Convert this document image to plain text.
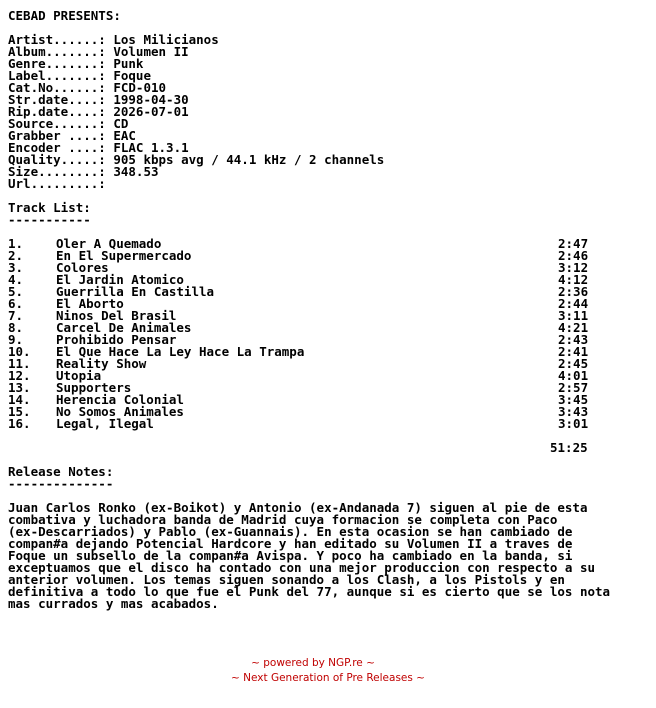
CEBAD PRESENTS:
Artist......: Los Milicianos
Album.......: Volumen II
Genre.......: Punk
Label.......: Foque
Cat.No......: FCD-010
Str.date....: 1998-04-30
Rip.date....: 2026-07-01
Source......: CD
Grabber ....: EAC
Encoder ....: FLAC 1.3.1
Quality.....: 905 kbps avg / 44.1 kHz / 2 channels
Size........: 348.53
Url.........:
Track List:
-----------
1.	Oler A Quemado	2:47
2.	En El Supermercado	2:46
3.	Colores	3:12
4.	El Jardin Atomico	4:12
5.	Guerrilla En Castilla	2:36
6.	El Aborto	2:44
7.	Ninos Del Brasil	3:11
8.	Carcel De Animales	4:21
9.	Prohibido Pensar	2:43
10. El Que Hace La Ley Hace La Trampa	2:41
11. Reality Show	2:45
12. Utopia	4:01
13. Supporters	2:57
14. Herencia Colonial	3:45
15. No Somos Animales	3:43
16. Legal, Ilegal	3:01
51:25
Release Notes:
--------------
Juan Carlos Ronko (ex-Boikot) y Antonio (ex-Andanada 7) siguen al pie de esta
combativa y luchadora banda de Madrid cuya formacion se completa con Paco
(ex-Descarriados) y Pablo (ex-Guannais). En esta ocasion se han cambiado de
compan#a dejando Potencial Hardcore y han editado su Volumen II a traves de
Foque un subsello de la compan#a Avispa. Y poco ha cambiado en la banda, si
exceptuamos que el disco ha contado con una mejor produccion con respecto a su
anterior volumen. Los temas siguen sonando a los Clash, a los Pistols y en
definitiva a todo lo que fue el Punk del 77, aunque si es cierto que se los nota
mas currados y mas acabados.
~ powered by NGP.re ~
~ Next Generation of Pre Releases ~
